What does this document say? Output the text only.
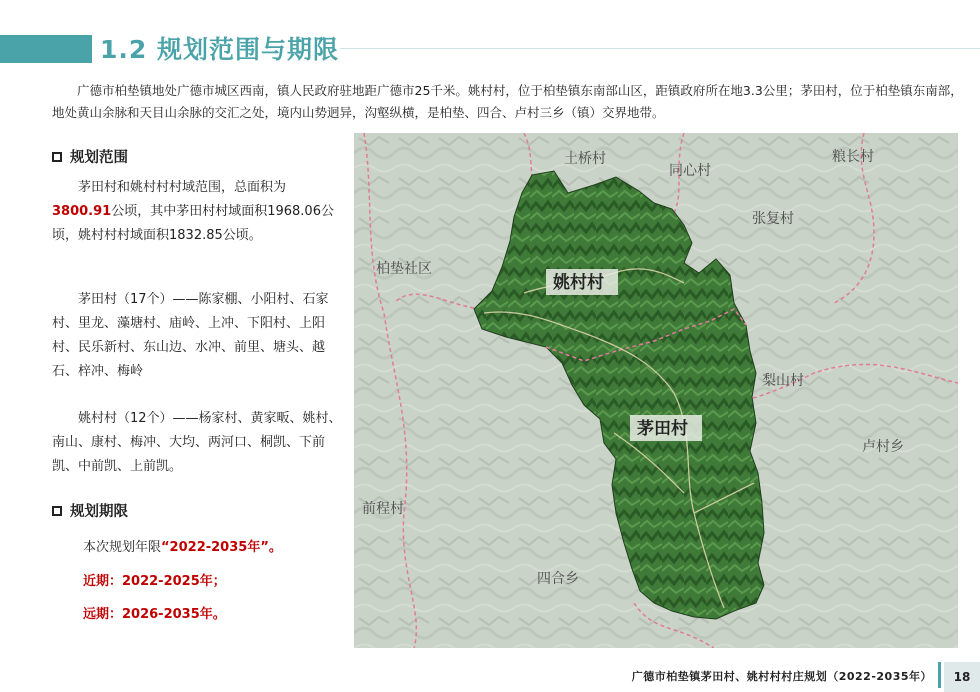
1.2 规划范围与期限
广德市柏垫镇地处广德市城区西南，镇人民政府驻地距广德市25千米。姚村村，位于柏垫镇东南部山区，距镇政府所在地3.3公里；茅田村，位于柏垫镇东南部，地处黄山余脉和天目山余脉的交汇之处，境内山势迥异，沟壑纵横，是柏垫、四合、卢村三乡（镇）交界地带。
规划范围
茅田村和姚村村村域范围，总面积为3800.91公顷，其中茅田村村域面积1968.06公顷，姚村村村域面积1832.85公顷。
茅田村（17个）——陈家棚、小阳村、石家村、里龙、藻塘村、庙岭、上冲、下阳村、上阳村、民乐新村、东山边、水冲、前里、塘头、越石、梓冲、梅岭
姚村村（12个）——杨家村、黄家畈、姚村、南山、康村、梅冲、大均、两河口、桐凯、下前凯、中前凯、上前凯。
规划期限
本次规划年限“2022-2035年”。
近期：2022-2025年；
远期：2026-2035年。
土桥村
同心村
粮长村
张复村
柏垫社区
梨山村
卢村乡
前程村
四合乡
姚村村
茅田村
广德市柏垫镇茅田村、姚村村村庄规划（2022-2035年）	18
